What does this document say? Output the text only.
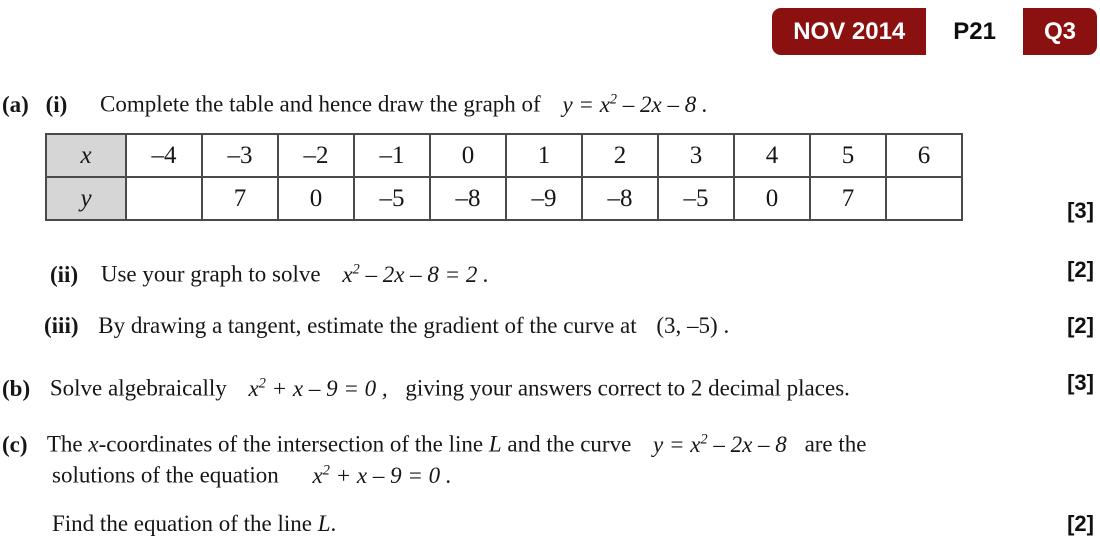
NOV 2014	P21	Q3
(a) (i) Complete the table and hence draw the graph of $y = x^2 - 2x - 8$ .
x	–4	–3	–2	–1	0	1	2	3	4	5	6
y		7	0	–5	–8	–9	–8	–5	0	7		[3]
(ii) Use your graph to solve $x^2 - 2x - 8 = 2$ .	[2]
(iii) By drawing a tangent, estimate the gradient of the curve at (3, –5) .	[2]
(b) Solve algebraically $x^2 + x - 9 = 0$ , giving your answers correct to 2 decimal places.	[3]
(c) The x-coordinates of the intersection of the line L and the curve $y = x^2 - 2x - 8$ are the
solutions of the equation $x^2 + x - 9 = 0$ .
Find the equation of the line L.	[2]
